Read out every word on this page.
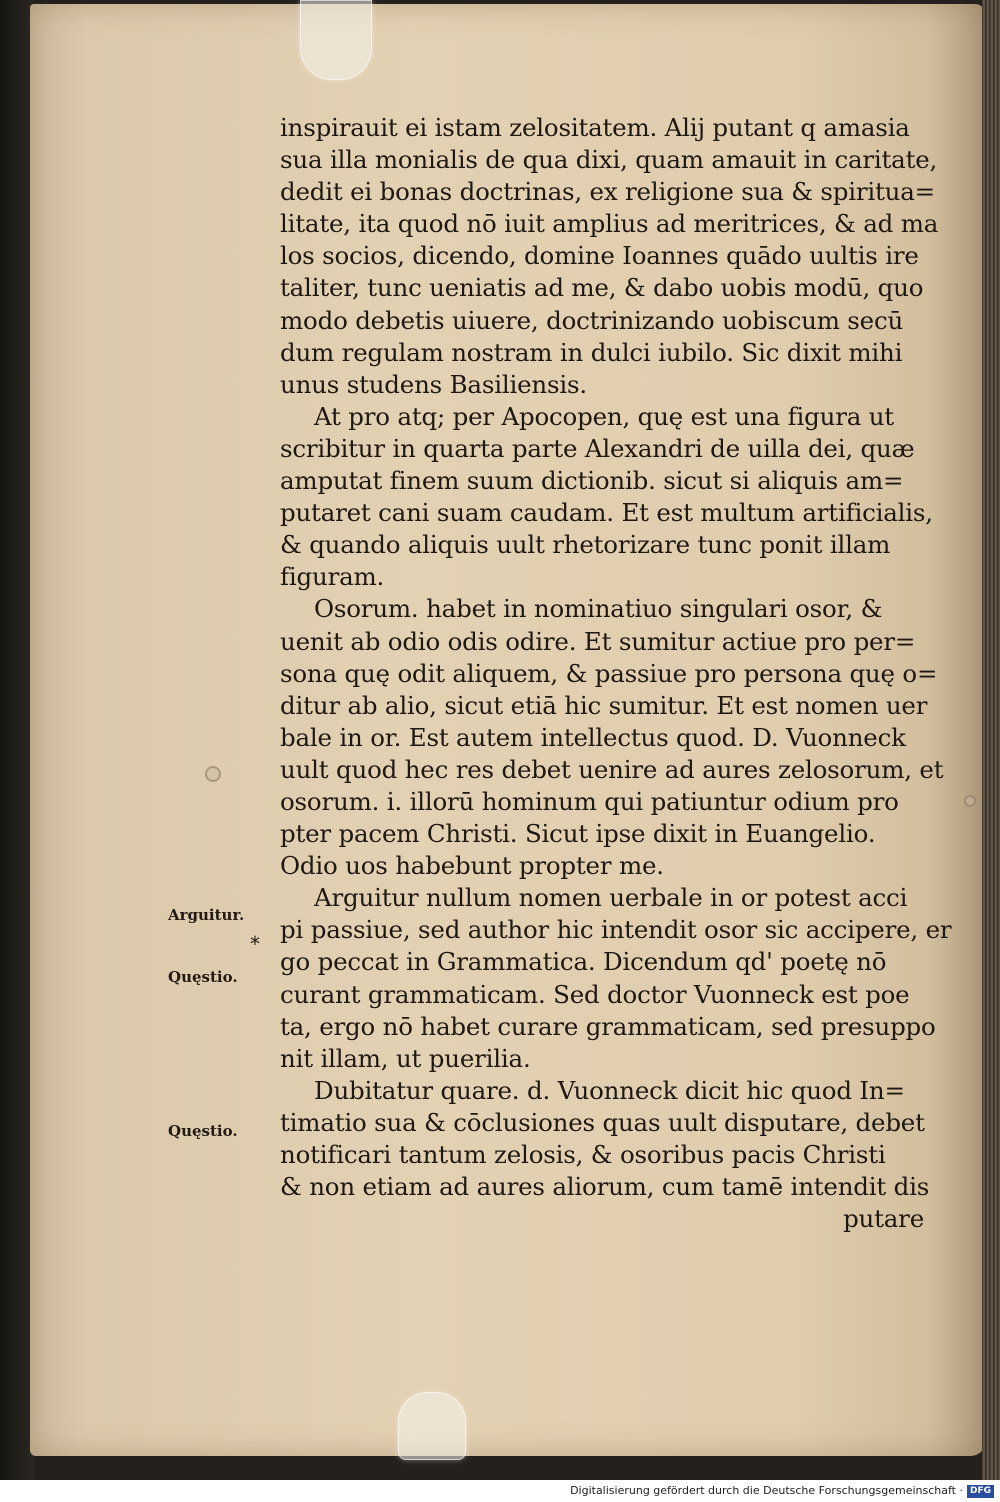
Arguitur.
*
Quęstio.
Quęstio.
inspirauit ei istam zelositatem. Alij putant q amasia
sua illa monialis de qua dixi, quam amauit in caritate,
dedit ei bonas doctrinas, ex religione sua & spiritua=
litate, ita quod nō iuit amplius ad meritrices, & ad ma
los socios, dicendo, domine Ioannes quādo uultis ire
taliter, tunc ueniatis ad me, & dabo uobis modū, quo
modo debetis uiuere, doctrinizando uobiscum secū
dum regulam nostram in dulci iubilo. Sic dixit mihi
unus studens Basiliensis.
At pro atq; per Apocopen, quę est una figura ut
scribitur in quarta parte Alexandri de uilla dei, quæ
amputat finem suum dictionib. sicut si aliquis am=
putaret cani suam caudam. Et est multum artificialis,
& quando aliquis uult rhetorizare tunc ponit illam
figuram.
Osorum. habet in nominatiuo singulari osor, &
uenit ab odio odis odire. Et sumitur actiue pro per=
sona quę odit aliquem, & passiue pro persona quę o=
ditur ab alio, sicut etiā hic sumitur. Et est nomen uer
bale in or. Est autem intellectus quod. D. Vuonneck
uult quod hec res debet uenire ad aures zelosorum, et
osorum. i. illorū hominum qui patiuntur odium pro
pter pacem Christi. Sicut ipse dixit in Euangelio.
Odio uos habebunt propter me.
Arguitur nullum nomen uerbale in or potest acci
pi passiue, sed author hic intendit osor sic accipere, er
go peccat in Grammatica. Dicendum qd' poetę nō
curant grammaticam. Sed doctor Vuonneck est poe
ta, ergo nō habet curare grammaticam, sed presuppo
nit illam, ut puerilia.
Dubitatur quare. d. Vuonneck dicit hic quod In=
timatio sua & cōclusiones quas uult disputare, debet
notificari tantum zelosis, & osoribus pacis Christi
& non etiam ad aures aliorum, cum tamē intendit dis
putare
Digitalisierung gefördert durch die Deutsche Forschungsgemeinschaft · DFG
